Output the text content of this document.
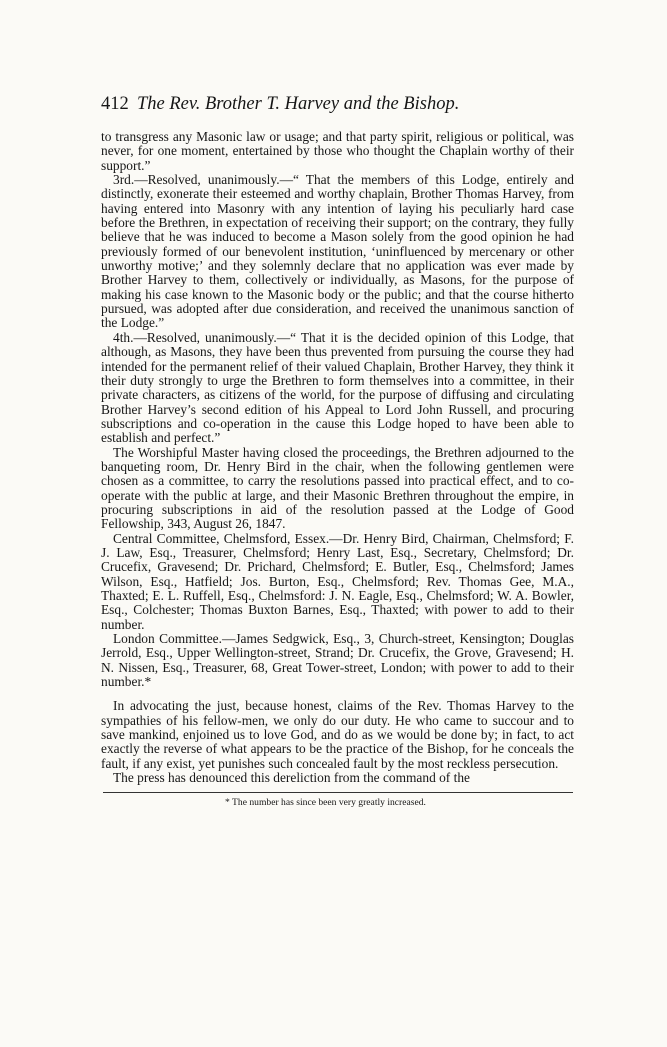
412 The Rev. Brother T. Harvey and the Bishop.

to transgress any Masonic law or usage; and that party spirit, religious or political, was never, for one moment, entertained by those who thought the Chaplain worthy of their support.”

3rd.—Resolved, unanimously.—“ That the members of this Lodge, entirely and distinctly, exonerate their esteemed and worthy chaplain, Brother Thomas Harvey, from having entered into Masonry with any intention of laying his peculiarly hard case before the Brethren, in expectation of receiving their support; on the contrary, they fully believe that he was induced to become a Mason solely from the good opinion he had previously formed of our benevolent institution, ‘uninfluenced by mercenary or other unworthy motive;’ and they solemnly declare that no application was ever made by Brother Harvey to them, collectively or individually, as Masons, for the purpose of making his case known to the Masonic body or the public; and that the course hitherto pursued, was adopted after due consideration, and received the unanimous sanction of the Lodge.”

4th.—Resolved, unanimously.—“ That it is the decided opinion of this Lodge, that although, as Masons, they have been thus prevented from pursuing the course they had intended for the permanent relief of their valued Chaplain, Brother Harvey, they think it their duty strongly to urge the Brethren to form themselves into a committee, in their private characters, as citizens of the world, for the purpose of diffusing and circulating Brother Harvey’s second edition of his Appeal to Lord John Russell, and procuring subscriptions and co-operation in the cause this Lodge hoped to have been able to establish and perfect.”

The Worshipful Master having closed the proceedings, the Brethren adjourned to the banqueting room, Dr. Henry Bird in the chair, when the following gentlemen were chosen as a committee, to carry the resolutions passed into practical effect, and to co-operate with the public at large, and their Masonic Brethren throughout the empire, in procuring subscriptions in aid of the resolution passed at the Lodge of Good Fellowship, 343, August 26, 1847.

Central Committee, Chelmsford, Essex.—Dr. Henry Bird, Chairman, Chelmsford; F. J. Law, Esq., Treasurer, Chelmsford; Henry Last, Esq., Secretary, Chelmsford; Dr. Crucefix, Gravesend; Dr. Prichard, Chelmsford; E. Butler, Esq., Chelmsford; James Wilson, Esq., Hatfield; Jos. Burton, Esq., Chelmsford; Rev. Thomas Gee, M.A., Thaxted; E. L. Ruffell, Esq., Chelmsford: J. N. Eagle, Esq., Chelmsford; W. A. Bowler, Esq., Colchester; Thomas Buxton Barnes, Esq., Thaxted; with power to add to their number.

London Committee.—James Sedgwick, Esq., 3, Church-street, Kensington; Douglas Jerrold, Esq., Upper Wellington-street, Strand; Dr. Crucefix, the Grove, Gravesend; H. N. Nissen, Esq., Treasurer, 68, Great Tower-street, London; with power to add to their number.*

In advocating the just, because honest, claims of the Rev. Thomas Harvey to the sympathies of his fellow-men, we only do our duty. He who came to succour and to save mankind, enjoined us to love God, and do as we would be done by; in fact, to act exactly the reverse of what appears to be the practice of the Bishop, for he conceals the fault, if any exist, yet punishes such concealed fault by the most reckless persecution.

The press has denounced this dereliction from the command of the

* The number has since been very greatly increased.
